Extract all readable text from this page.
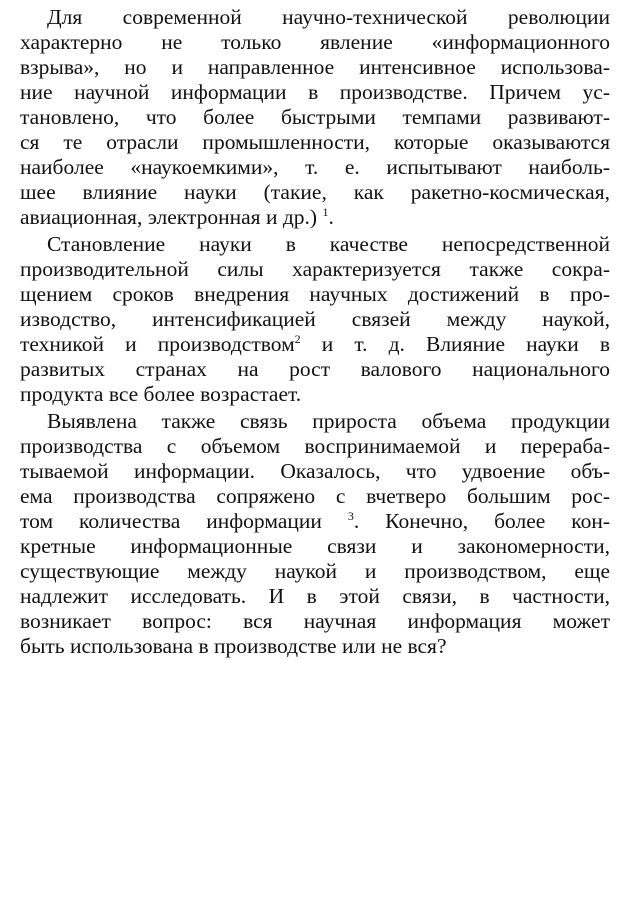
Для современной научно-технической революции
характерно не только явление «информационного
взрыва», но и направленное интенсивное использова-
ние научной информации в производстве. Причем ус-
тановлено, что более быстрыми темпами развивают-
ся те отрасли промышленности, которые оказываются
наиболее «наукоемкими», т. е. испытывают наиболь-
шее влияние науки (такие, как ракетно-космическая,
авиационная, электронная и др.) $^1$.
Становление науки в качестве непосредственной
производительной силы характеризуется также сокра-
щением сроков внедрения научных достижений в про-
изводство, интенсификацией связей между наукой,
техникой и производством$^2$ и т. д. Влияние науки в
развитых странах на рост валового национального
продукта все более возрастает.
Выявлена также связь прироста объема продукции
производства с объемом воспринимаемой и перераба-
тываемой информации. Оказалось, что удвоение объ-
ема производства сопряжено с вчетверо большим рос-
том количества информации $^3$. Конечно, более кон-
кретные информационные связи и закономерности,
существующие между наукой и производством, еще
надлежит исследовать. И в этой связи, в частности,
возникает вопрос: вся научная информация может
быть использована в производстве или не вся?
